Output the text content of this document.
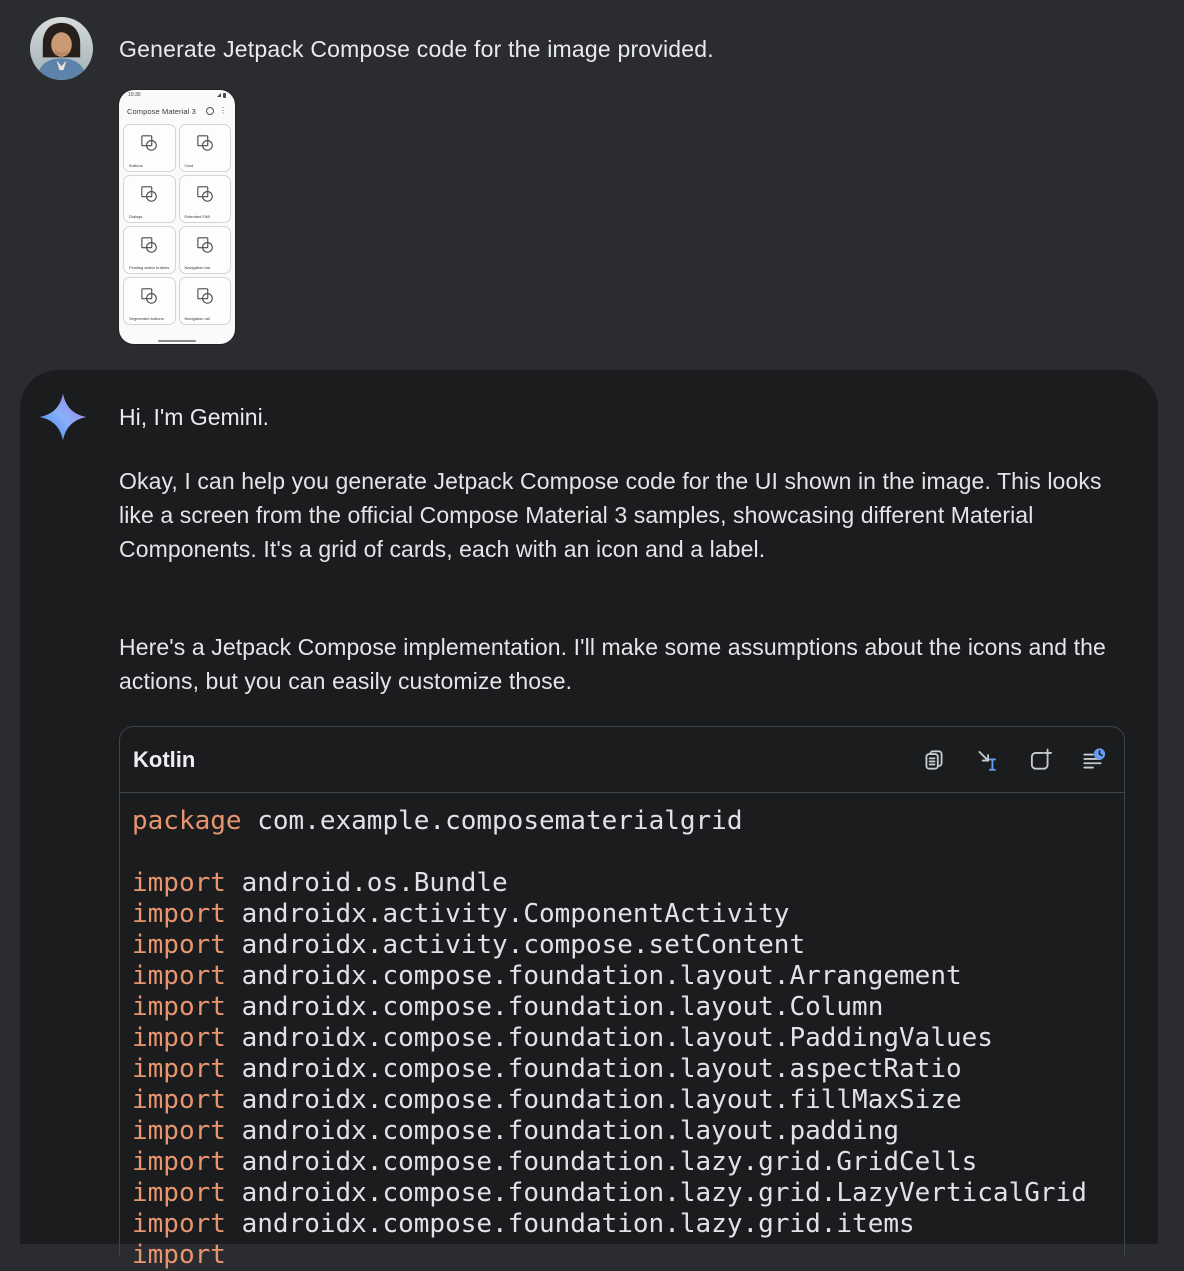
Generate Jetpack Compose code for the image provided.
10:30
Compose Material 3	⋮
Buttons	Card
Dialogs	Extended FAB
Floating action buttons	Navigation bar
Segmented buttons	Navigation rail
Hi, I'm Gemini.

Okay, I can help you generate Jetpack Compose code for the UI shown in the image. This looks like a screen from the official Compose Material 3 samples, showcasing different Material Components. It's a grid of cards, each with an icon and a label.

Here's a Jetpack Compose implementation. I'll make some assumptions about the icons and the actions, but you can easily customize those.

Kotlin
package com.example.composematerialgrid

import android.os.Bundle
import androidx.activity.ComponentActivity
import androidx.activity.compose.setContent
import androidx.compose.foundation.layout.Arrangement
import androidx.compose.foundation.layout.Column
import androidx.compose.foundation.layout.PaddingValues
import androidx.compose.foundation.layout.aspectRatio
import androidx.compose.foundation.layout.fillMaxSize
import androidx.compose.foundation.layout.padding
import androidx.compose.foundation.lazy.grid.GridCells
import androidx.compose.foundation.lazy.grid.LazyVerticalGrid
import androidx.compose.foundation.lazy.grid.items
import
